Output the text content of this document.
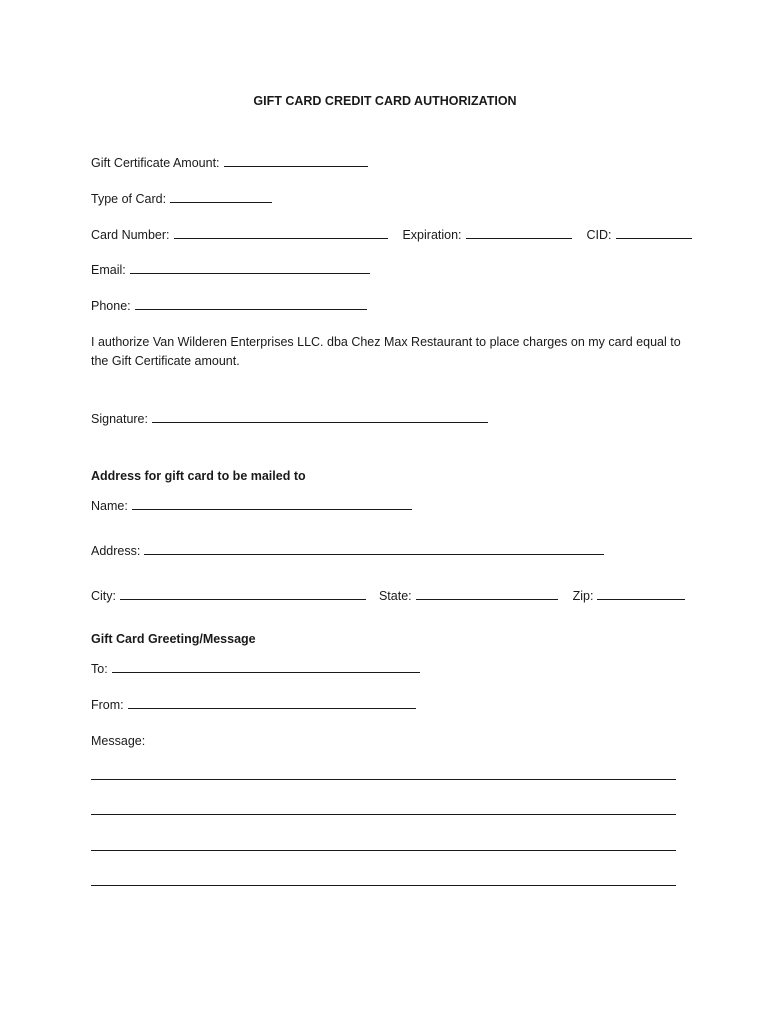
GIFT CARD CREDIT CARD AUTHORIZATION
Gift Certificate Amount:
Type of Card:
Card Number:
	Expiration:
	CID:
Email:
Phone:
I authorize Van Wilderen Enterprises LLC. dba Chez Max Restaurant to place charges on my card equal to the Gift Certificate amount.
Signature:
Address for gift card to be mailed to
Name:
Address:
City:
	State:
	Zip:
Gift Card Greeting/Message
To:
From:
Message:
